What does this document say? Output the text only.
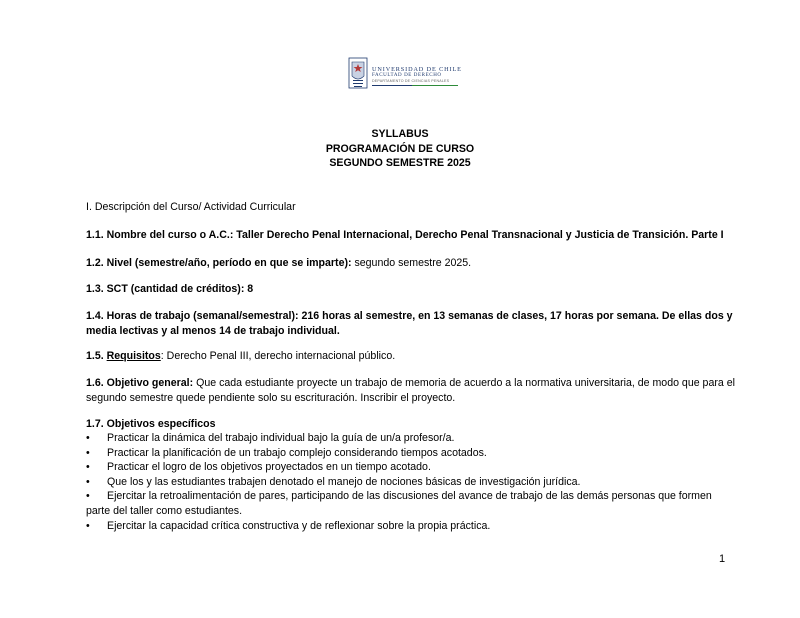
UNIVERSIDAD DE CHILE
FACULTAD DE DERECHO
DEPARTAMENTO DE CIENCIAS PENALES
SYLLABUS
PROGRAMACIÓN DE CURSO
SEGUNDO SEMESTRE 2025
I. Descripción del Curso/ Actividad Curricular
1.1. Nombre del curso o A.C.: Taller Derecho Penal Internacional, Derecho Penal Transnacional y Justicia de Transición. Parte I
1.2. Nivel (semestre/año, período en que se imparte): segundo semestre 2025.
1.3. SCT (cantidad de créditos): 8
1.4. Horas de trabajo (semanal/semestral): 216 horas al semestre, en 13 semanas de clases, 17 horas por semana. De ellas dos y media lectivas y al menos 14 de trabajo individual.
1.5. Requisitos: Derecho Penal III, derecho internacional público.
1.6. Objetivo general: Que cada estudiante proyecte un trabajo de memoria de acuerdo a la normativa universitaria, de modo que para el segundo semestre quede pendiente solo su escrituración. Inscribir el proyecto.
1.7. Objetivos específicos
• Practicar la dinámica del trabajo individual bajo la guía de un/a profesor/a.
• Practicar la planificación de un trabajo complejo considerando tiempos acotados.
• Practicar el logro de los objetivos proyectados en un tiempo acotado.
• Que los y las estudiantes trabajen denotado el manejo de nociones básicas de investigación jurídica.
•	Ejercitar la retroalimentación de pares, participando de las discusiones del avance de trabajo de las demás personas que formen parte del taller como estudiantes.
• Ejercitar la capacidad crítica constructiva y de reflexionar sobre la propia práctica.
1
